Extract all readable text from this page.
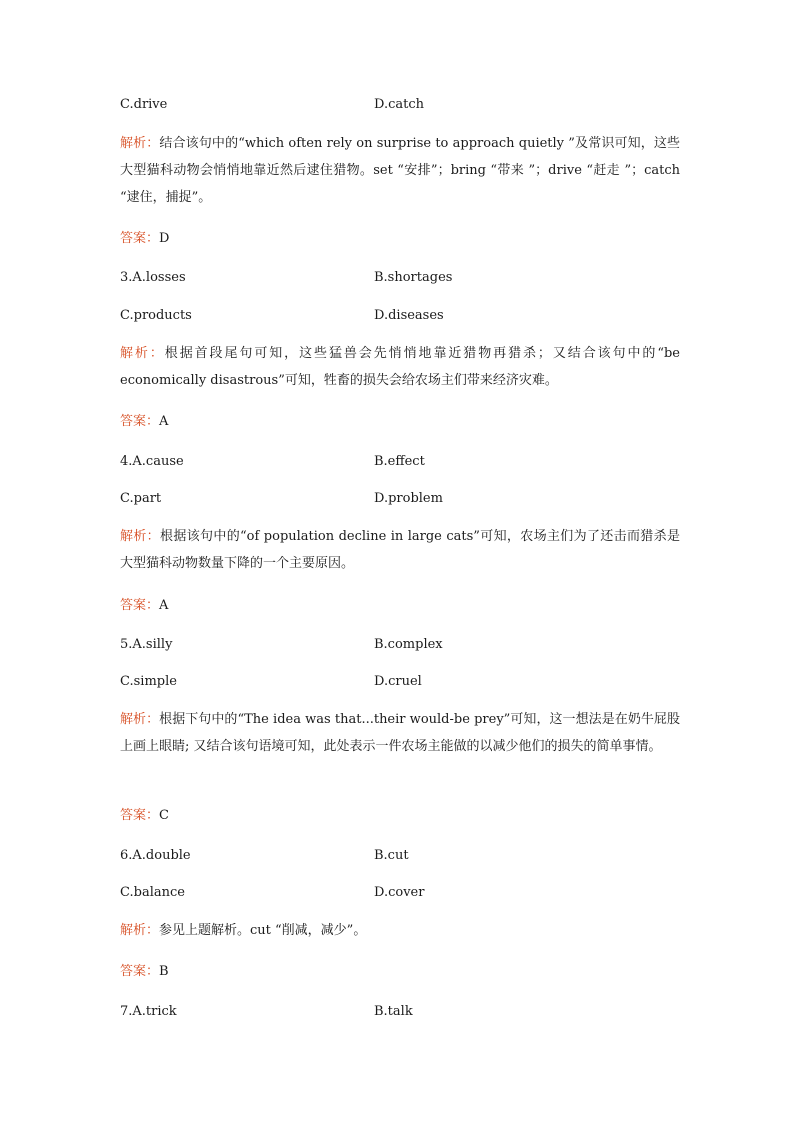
C.drive	D.catch
解析：结合该句中的“which often rely on surprise to approach quietly ”及常识可知，这些大型猫科动物会悄悄地靠近然后逮住猎物。set “安排”；bring “带来 ”；drive “赶走 ”；catch “逮住，捕捉”。
答案：D
3.A.losses	B.shortages
C.products	D.diseases
解析：根据首段尾句可知，这些猛兽会先悄悄地靠近猎物再猎杀；又结合该句中的“be economically disastrous”可知，牲畜的损失会给农场主们带来经济灾难。
答案：A
4.A.cause	B.effect
C.part	D.problem
解析：根据该句中的“of population decline in large cats”可知，农场主们为了还击而猎杀是大型猫科动物数量下降的一个主要原因。
答案：A
5.A.silly	B.complex
C.simple	D.cruel
解析：根据下句中的“The idea was that...their would-be prey”可知，这一想法是在奶牛屁股上画上眼睛; 又结合该句语境可知，此处表示一件农场主能做的以减少他们的损失的简单事情。
答案：C
6.A.double	B.cut
C.balance	D.cover
解析：参见上题解析。cut “削减，减少”。
答案：B
7.A.trick	B.talk
